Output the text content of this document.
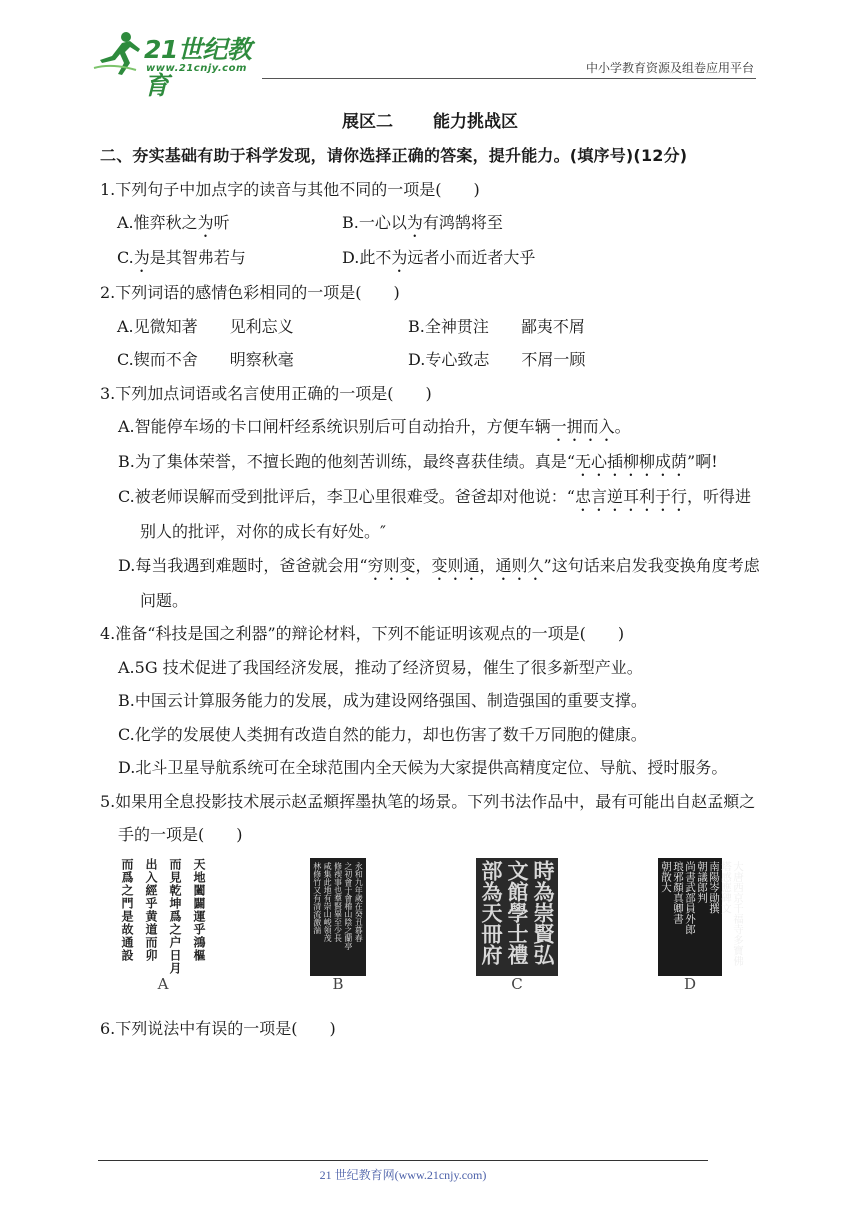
21世纪教育
www.21cnjy.com	中小学教育资源及组卷应用平台
展区二 能力挑战区
二、夯实基础有助于科学发现，请你选择正确的答案，提升能力。(填序号)(12分)
1.下列句子中加点字的读音与其他不同的一项是(　　)
A.惟弈秋之为听	B.一心以为有鸿鹄将至
C.为是其智弗若与	D.此不为远者小而近者大乎
2.下列词语的感情色彩相同的一项是(　　)
A.见微知著　　见利忘义	B.全神贯注　　鄙夷不屑
C.锲而不舍　　明察秋毫	D.专心致志　　不屑一顾
3.下列加点词语或名言使用正确的一项是(　　)
A.智能停车场的卡口闸杆经系统识别后可自动抬升，方便车辆一拥而入。
B.为了集体荣誉，不擅长跑的他刻苦训练，最终喜获佳绩。真是“无心插柳柳成荫”啊!
C.被老师误解而受到批评后，李卫心里很难受。爸爸却对他说：“忠言逆耳利于行，听得进别人的批评，对你的成长有好处。″
D.每当我遇到难题时，爸爸就会用“穷则变，变则通，通则久”这句话来启发我变换角度考虑问题。
4.准备“科技是国之利器”的辩论材料，下列不能证明该观点的一项是(　　)
A.5G 技术促进了我国经济发展，推动了经济贸易，催生了很多新型产业。
B.中国云计算服务能力的发展，成为建设网络强国、制造强国的重要支撑。
C.化学的发展使人类拥有改造自然的能力，却也伤害了数千万同胞的健康。
D.北斗卫星导航系统可在全球范围内全天候为大家提供高精度定位、导航、授时服务。
5.如果用全息投影技术展示赵孟頫挥墨执笔的场景。下列书法作品中，最有可能出自赵孟頫之手的一项是(　　)
天地闔闢運乎鴻樞
而見乾坤爲之户日月
出入經乎黄道而卯
而爲之門是故通設
A
永和九年歲在癸丑暮春
之初會于會稽山陰之蘭亭
修禊事也羣賢畢至少長
咸集此地有崇山峻領茂
林修竹又有清流激湍
B
時為崇賢弘
文館學士禮
部為天冊府
C
大唐西京千福寺多寶佛
塔感應碑文
南陽岑勛撰
朝議郎判
尚書武部員外郎
琅邪顏真卿書
朝散大
D
6.下列说法中有误的一项是(　　)
21 世纪教育网(www.21cnjy.com)
